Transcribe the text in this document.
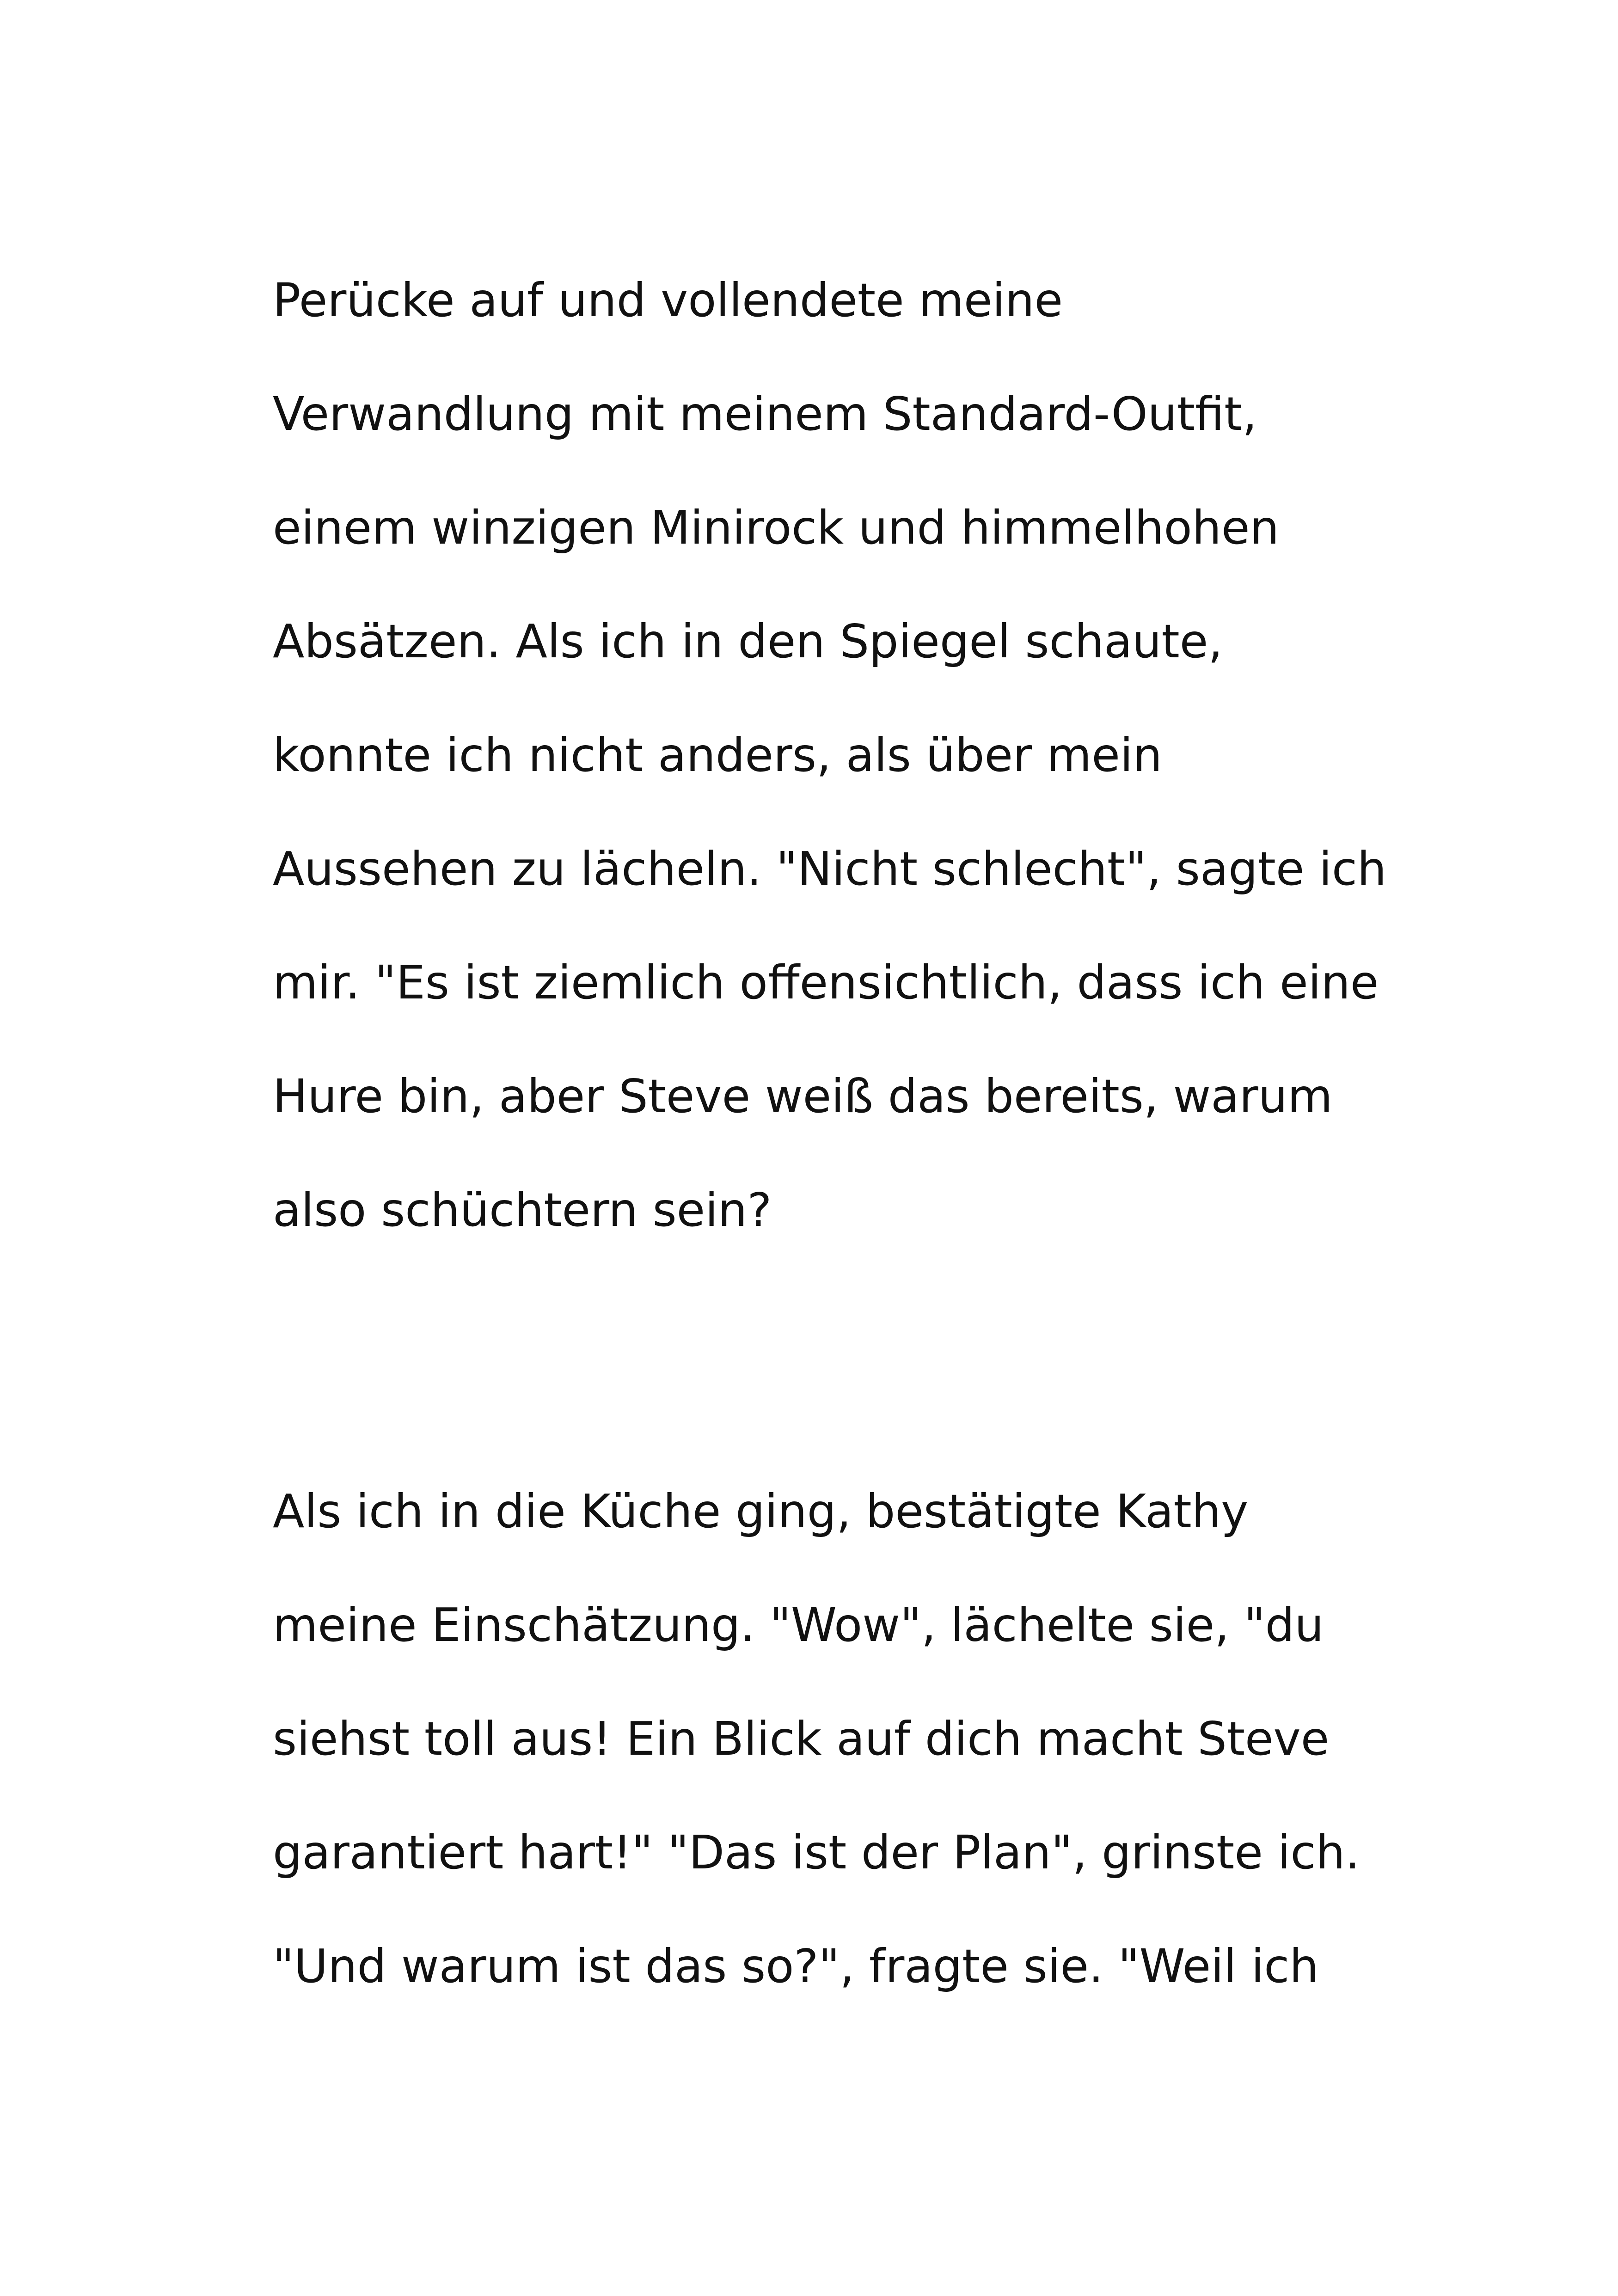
Perücke auf und vollendete meine
Verwandlung mit meinem Standard-Outfit,
einem winzigen Minirock und himmelhohen
Absätzen. Als ich in den Spiegel schaute,
konnte ich nicht anders, als über mein
Aussehen zu lächeln. "Nicht schlecht", sagte ich
mir. "Es ist ziemlich offensichtlich, dass ich eine
Hure bin, aber Steve weiß das bereits, warum
also schüchtern sein?
Als ich in die Küche ging, bestätigte Kathy
meine Einschätzung. "Wow", lächelte sie, "du
siehst toll aus! Ein Blick auf dich macht Steve
garantiert hart!" "Das ist der Plan", grinste ich.
"Und warum ist das so?", fragte sie. "Weil ich
